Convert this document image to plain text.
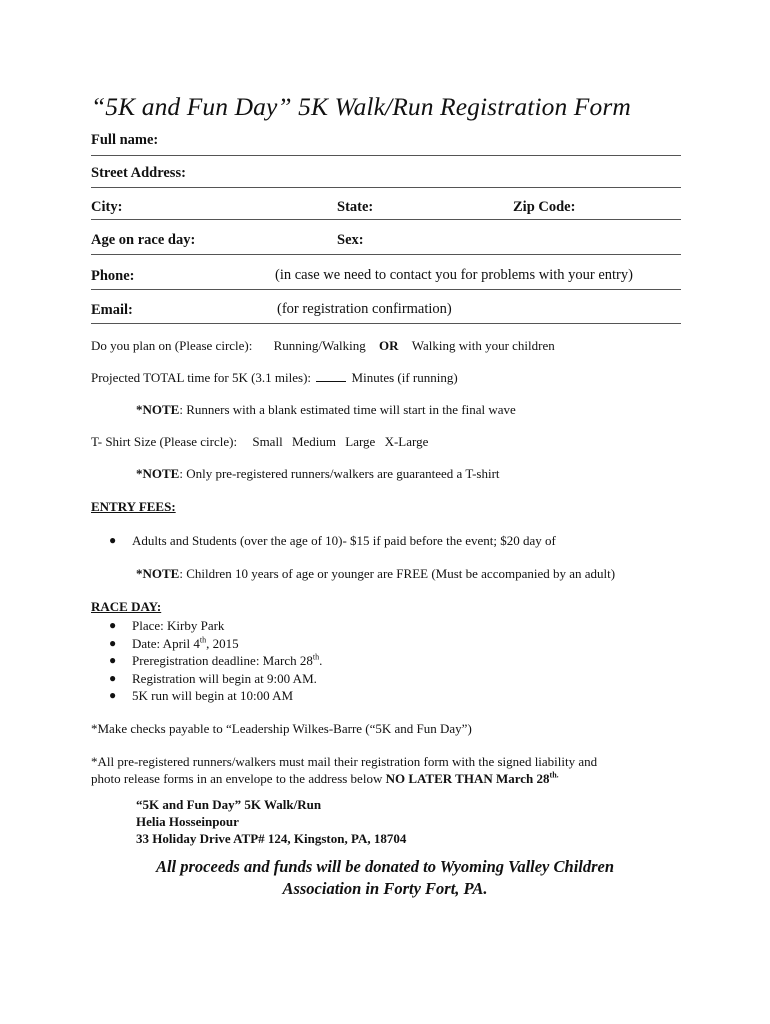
“5K and Fun Day” 5K Walk/Run Registration Form
Full name:
Street Address:
City:	State:	Zip Code:
Age on race day:	Sex:
Phone:	(in case we need to contact you for problems with your entry)
Email:	(for registration confirmation)
Do you plan on (Please circle): Running/Walking OR Walking with your children
Projected TOTAL time for 5K (3.1 miles):	Minutes (if running)
*NOTE: Runners with a blank estimated time will start in the final wave
T- Shirt Size (Please circle): Small Medium Large X-Large
*NOTE: Only pre-registered runners/walkers are guaranteed a T-shirt
ENTRY FEES:
● Adults and Students (over the age of 10)- $15 if paid before the event; $20 day of
*NOTE: Children 10 years of age or younger are FREE (Must be accompanied by an adult)
RACE DAY:
● Place: Kirby Park
● Date: April 4th, 2015
● Preregistration deadline: March 28th.
● Registration will begin at 9:00 AM.
● 5K run will begin at 10:00 AM
*Make checks payable to “Leadership Wilkes-Barre (“5K and Fun Day”)
*All pre-registered runners/walkers must mail their registration form with the signed liability and
photo release forms in an envelope to the address below NO LATER THAN March $28^{th.}$
“5K and Fun Day” 5K Walk/Run
Helia Hosseinpour
33 Holiday Drive ATP# 124, Kingston, PA, 18704
All proceeds and funds will be donated to Wyoming Valley Children
Association in Forty Fort, PA.
